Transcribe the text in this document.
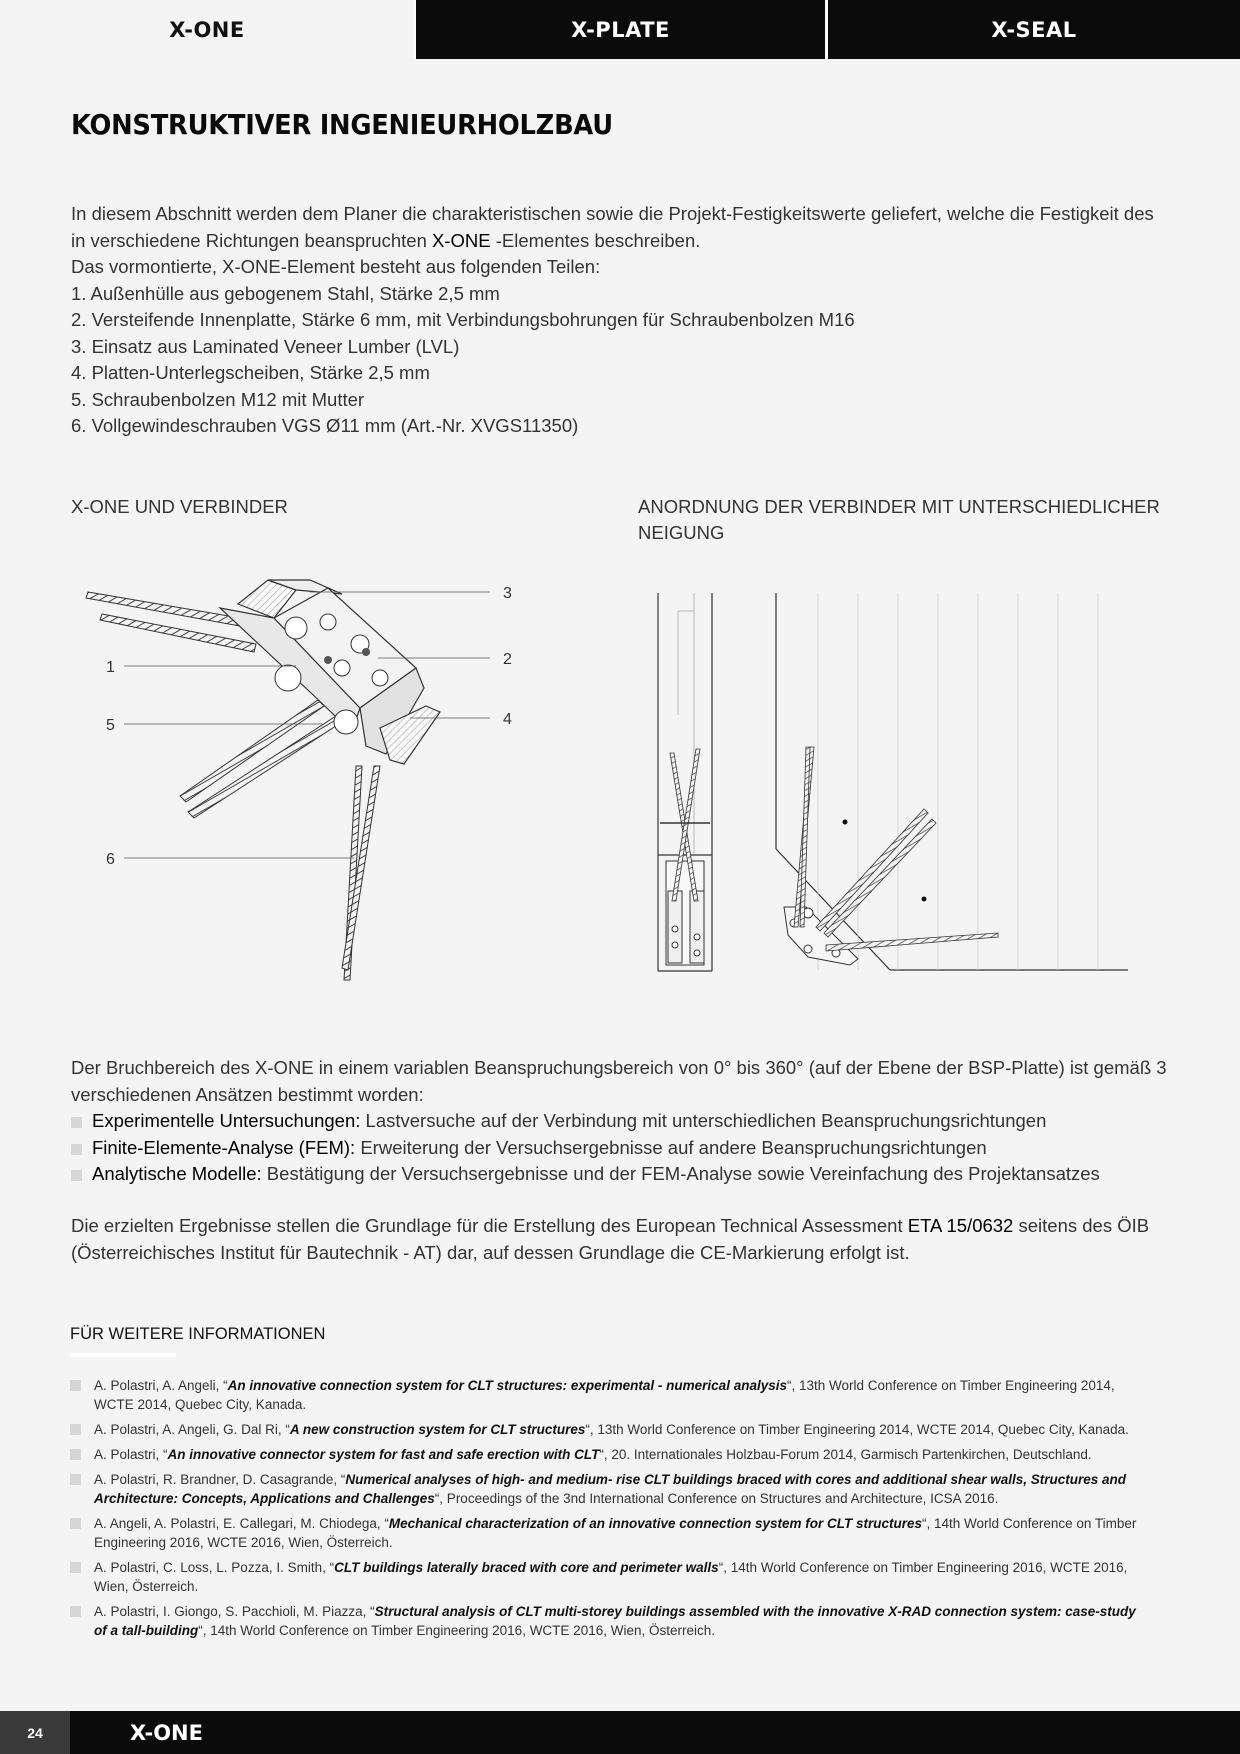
X-ONE	X-PLATE	X-SEAL
KONSTRUKTIVER INGENIEURHOLZBAU

In diesem Abschnitt werden dem Planer die charakteristischen sowie die Projekt-Festigkeitswerte geliefert, welche die Festigkeit des in verschiedene Richtungen beanspruchten X-ONE -Elementes beschreiben.

Das vormontierte, X-ONE-Element besteht aus folgenden Teilen:

1. Außenhülle aus gebogenem Stahl, Stärke 2,5 mm
2. Versteifende Innenplatte, Stärke 6 mm, mit Verbindungsbohrungen für Schraubenbolzen M16
3. Einsatz aus Laminated Veneer Lumber (LVL)
4. Platten-Unterlegscheiben, Stärke 2,5 mm
5. Schraubenbolzen M12 mit Mutter
6. Vollgewindeschrauben VGS Ø11 mm (Art.-Nr. XVGS11350)
X-ONE UND VERBINDER	ANORDNUNG DER VERBINDER MIT UNTERSCHIEDLICHER NEIGUNG
3
2
4
1
5
6

Der Bruchbereich des X-ONE in einem variablen Beanspruchungsbereich von 0° bis 360° (auf der Ebene der BSP-Platte) ist gemäß 3 verschiedenen Ansätzen bestimmt worden:

Experimentelle Untersuchungen: Lastversuche auf der Verbindung mit unterschiedlichen Beanspruchungsrichtungen
Finite-Elemente-Analyse (FEM): Erweiterung der Versuchsergebnisse auf andere Beanspruchungsrichtungen
Analytische Modelle: Bestätigung der Versuchsergebnisse und der FEM-Analyse sowie Vereinfachung des Projektansatzes

Die erzielten Ergebnisse stellen die Grundlage für die Erstellung des European Technical Assessment ETA 15/0632 seitens des ÖIB (Österreichisches Institut für Bautechnik - AT) dar, auf dessen Grundlage die CE-Markierung erfolgt ist.

FÜR WEITERE INFORMATIONEN
A. Polastri, A. Angeli, “An innovative connection system for CLT structures: experimental - numerical analysis“, 13th World Conference on Timber Engineering 2014, WCTE 2014, Quebec City, Kanada.
A. Polastri, A. Angeli, G. Dal Ri, “A new construction system for CLT structures“, 13th World Conference on Timber Engineering 2014, WCTE 2014, Quebec City, Kanada.
A. Polastri, “An innovative connector system for fast and safe erection with CLT“, 20. Internationales Holzbau-Forum 2014, Garmisch Partenkirchen, Deutschland.
A. Polastri, R. Brandner, D. Casagrande, “Numerical analyses of high- and medium- rise CLT buildings braced with cores and additional shear walls, Structures and Architecture: Concepts, Applications and Challenges“, Proceedings of the 3nd International Conference on Structures and Architecture, ICSA 2016.
A. Angeli, A. Polastri, E. Callegari, M. Chiodega, “Mechanical characterization of an innovative connection system for CLT structures“, 14th World Conference on Timber Engineering 2016, WCTE 2016, Wien, Österreich.
A. Polastri, C. Loss, L. Pozza, I. Smith, “CLT buildings laterally braced with core and perimeter walls“, 14th World Conference on Timber Engineering 2016, WCTE 2016, Wien, Österreich.
A. Polastri, I. Giongo, S. Pacchioli, M. Piazza, “Structural analysis of CLT multi-storey buildings assembled with the innovative X-RAD connection system: case-study of a tall-building“, 14th World Conference on Timber Engineering 2016, WCTE 2016, Wien, Österreich.
24	X-ONE
